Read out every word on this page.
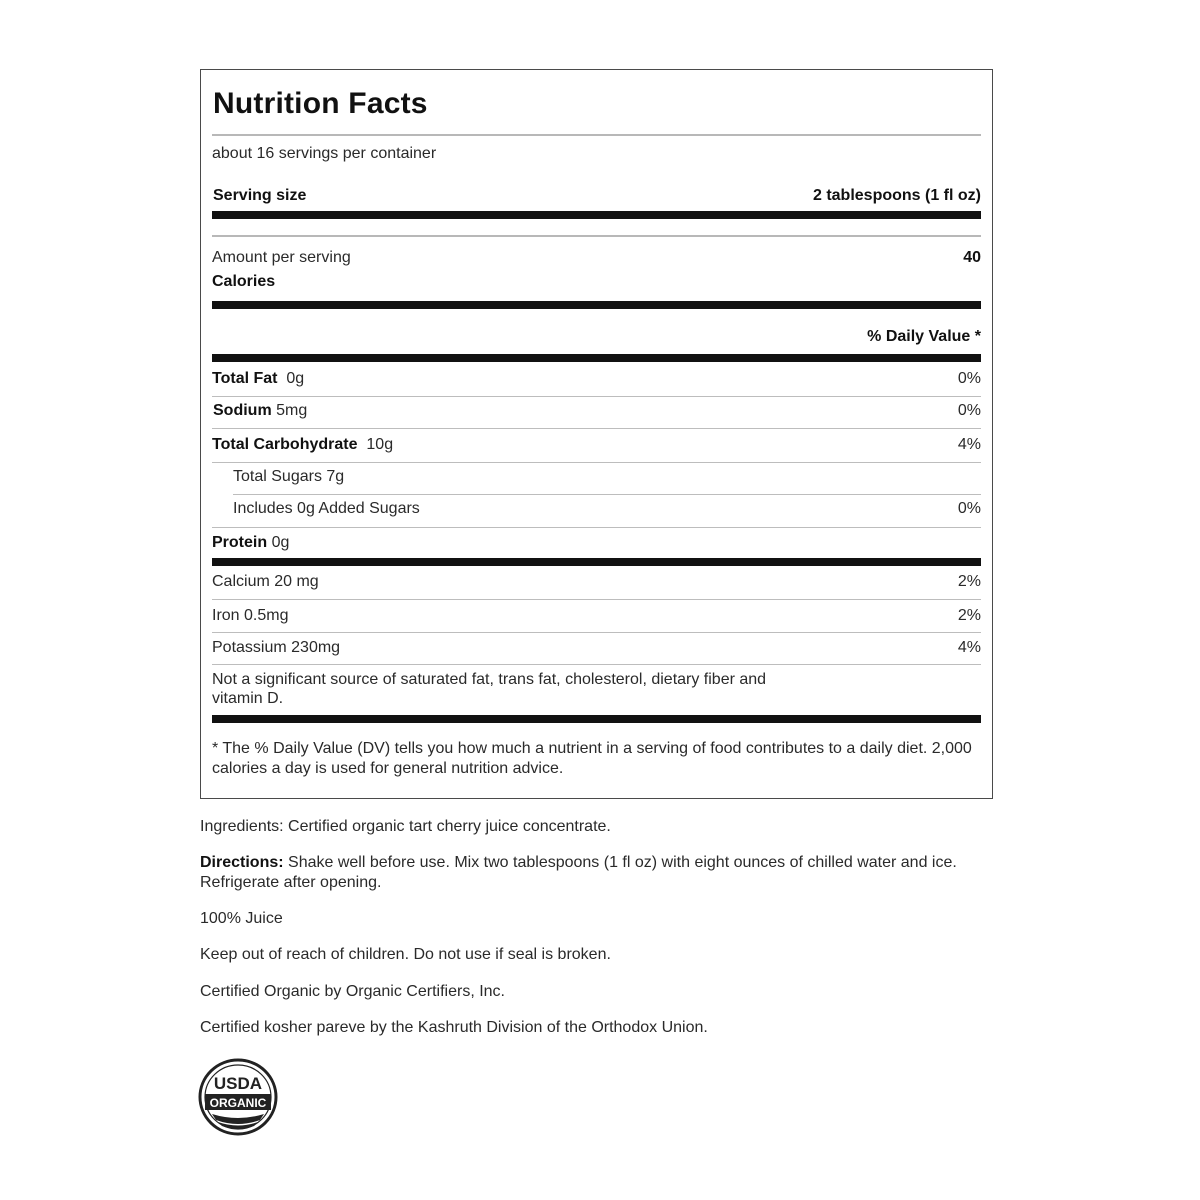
Nutrition Facts
about 16 servings per container
Serving size	2 tablespoons (1 fl oz)
Amount per serving	40
Calories
% Daily Value *
Total Fat 0g	0%
Sodium 5mg	0%
Total Carbohydrate 10g	4%
Total Sugars 7g
Includes 0g Added Sugars	0%
Protein 0g
Calcium 20 mg	2%
Iron 0.5mg	2%
Potassium 230mg	4%
Not a significant source of saturated fat, trans fat, cholesterol, dietary fiber and vitamin D.
* The % Daily Value (DV) tells you how much a nutrient in a serving of food contributes to a daily diet. 2,000 calories a day is used for general nutrition advice.
Ingredients: Certified organic tart cherry juice concentrate.
Directions: Shake well before use. Mix two tablespoons (1 fl oz) with eight ounces of chilled water and ice. Refrigerate after opening.
100% Juice
Keep out of reach of children. Do not use if seal is broken.
Certified Organic by Organic Certifiers, Inc.
Certified kosher pareve by the Kashruth Division of the Orthodox Union.
USDA
ORGANIC
